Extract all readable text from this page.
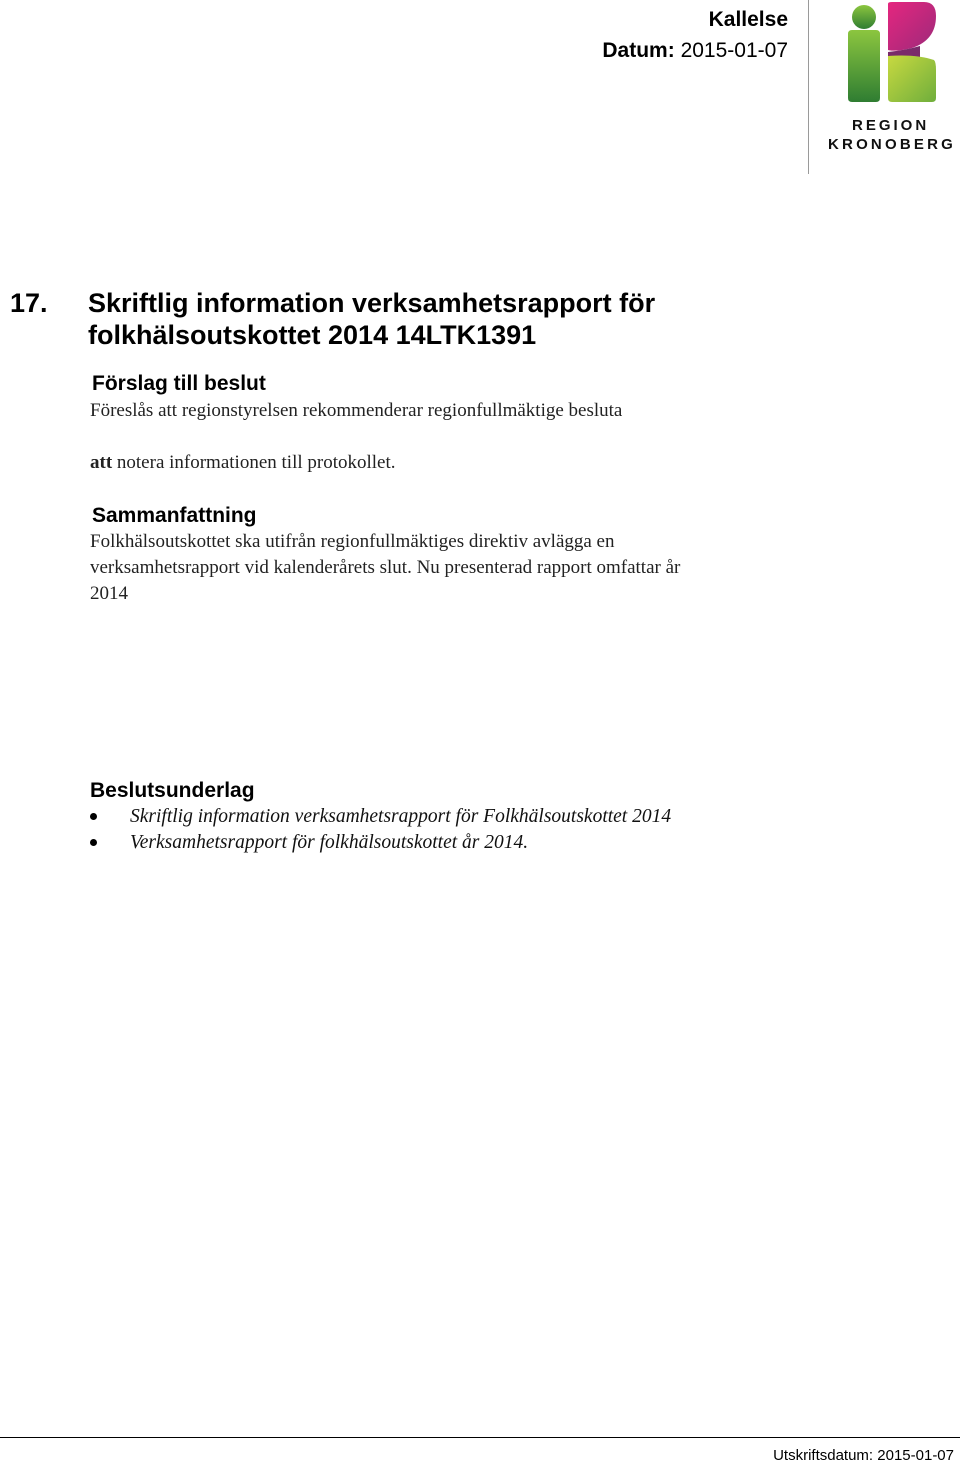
Kallelse
Datum: 2015-01-07
REGION
KRONOBERG
17. Skriftlig information verksamhetsrapport för
folkhälsoutskottet 2014 14LTK1391
Förslag till beslut
Föreslås att regionstyrelsen rekommenderar regionfullmäktige besluta
att notera informationen till protokollet.
Sammanfattning
Folkhälsoutskottet ska utifrån regionfullmäktiges direktiv avlägga en
verksamhetsrapport vid kalenderårets slut. Nu presenterad rapport omfattar år
2014
Beslutsunderlag
Skriftlig information verksamhetsrapport för Folkhälsoutskottet 2014
Verksamhetsrapport för folkhälsoutskottet år 2014.
Utskriftsdatum: 2015-01-07
